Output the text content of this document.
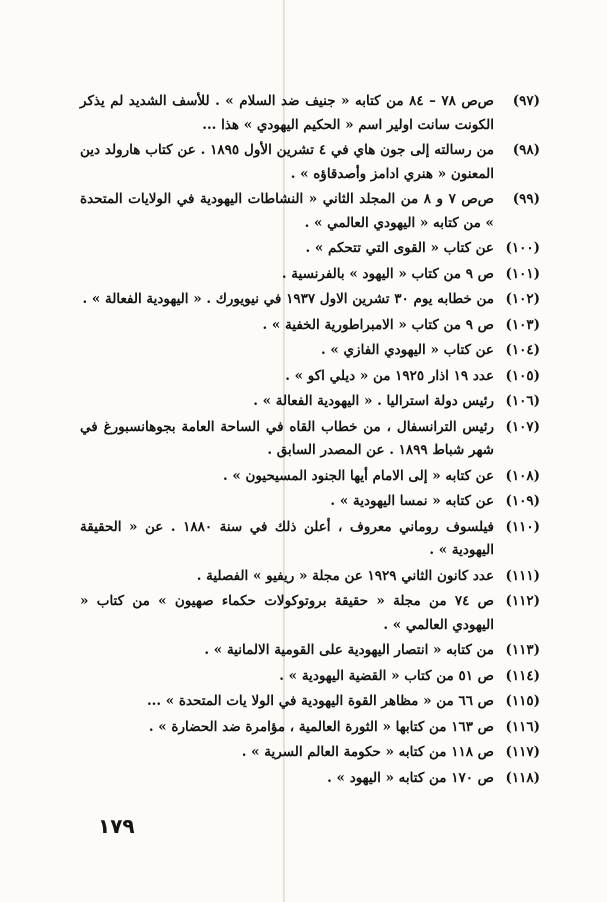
(٩٧)
ص‌ص ٧٨ – ٨٤ من كتابه « جنيف ضد السلام » . للأسف الشديد لم يذكر الكونت سانت اولير اسم « الحكيم اليهودي » هذا ...
(٩٨)
من رسالته إلى جون هاي في ٤ تشرين الأول ١٨٩٥ . عن كتاب هارولد دين المعنون « هنري ادامز وأصدقاؤه » .
(٩٩)
ص‌ص ٧ و ٨ من المجلد الثاني « النشاطات اليهودية في الولايات المتحدة » من كتابه « اليهودي العالمي » .
(١٠٠)
عن كتاب « القوى التي تتحكم » .
(١٠١)
ص ٩ من كتاب « اليهود » بالفرنسية .
(١٠٢)
من خطابه يوم ٣٠ تشرين الاول ١٩٣٧ في نيويورك . « اليهودية الفعالة » .
(١٠٣)
ص ٩ من كتاب « الامبراطورية الخفية » .
(١٠٤)
عن كتاب « اليهودي الفازي » .
(١٠٥)
عدد ١٩ اذار ١٩٢٥ من « ديلي اكو » .
(١٠٦)
رئيس دولة استراليا . « اليهودية الفعالة » .
(١٠٧)
رئيس الترانسفال ، من خطاب القاه في الساحة العامة بجوهانسبورغ في شهر شباط ١٨٩٩ . عن المصدر السابق .
(١٠٨)
عن كتابه « إلى الامام أيها الجنود المسيحيون » .
(١٠٩)
عن كتابه « نمسا اليهودية » .
(١١٠)
فيلسوف روماني معروف ، أعلن ذلك في سنة ١٨٨٠ . عن « الحقيقة اليهودية » .
(١١١)
عدد كانون الثاني ١٩٢٩ عن مجلة « ريفيو » الفصلية .
(١١٢)
ص ٧٤ من مجلة « حقيقة بروتوكولات حكماء صهيون » من كتاب « اليهودي العالمي » .
(١١٣)
من كتابه « انتصار اليهودية على القومية الالمانية » .
(١١٤)
ص ٥١ من كتاب « القضية اليهودية » .
(١١٥)
ص ٦٦ من « مظاهر القوة اليهودية في الولا يات المتحدة » ...
(١١٦)
ص ١٦٣ من كتابها « الثورة العالمية ، مؤامرة ضد الحضارة » .
(١١٧)
ص ١١٨ من كتابه « حكومة العالم السرية » .
(١١٨)
ص ١٧٠ من كتابه « اليهود » .
١٧٩
